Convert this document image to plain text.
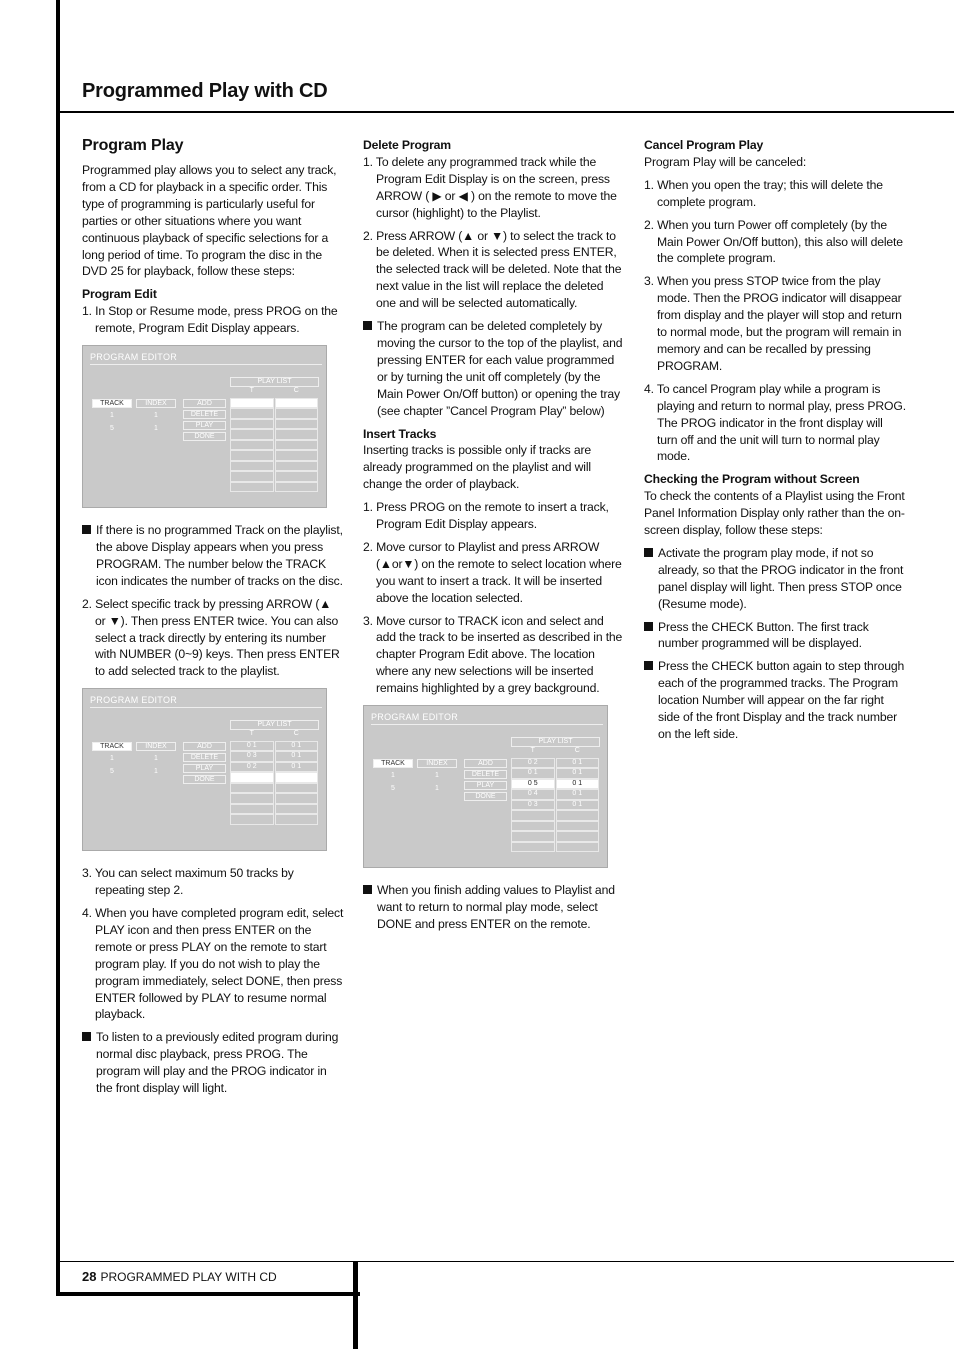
Programmed Play with CD
Program Play
Programmed play allows you to select any track, from a CD for playback in a specific order. This type of programming is particularly useful for parties or other situations where you want continuous playback of specific selections for a long period of time. To program the disc in the DVD 25 for playback, follow these steps:
Program Edit
1. In Stop or Resume mode, press PROG on the remote, Program Edit Display appears.
PROGRAM EDITOR
TRACK	INDEX
1	1
5	1
ADD
DELETE
PLAY
DONE
PLAY LIST
T	C
If there is no programmed Track on the playlist, the above Display appears when you press PROGRAM. The number below the TRACK icon indicates the number of tracks on the disc.
2. Select specific track by pressing ARROW (▲ or ▼). Then press ENTER twice. You can also select a track directly by entering its number with NUMBER (0~9) keys. Then press ENTER to add selected track to the playlist.
PROGRAM EDITOR
TRACK	INDEX
1	1
5	1
ADD
DELETE
PLAY
DONE
PLAY LIST
T	C
0 1	0 1
0 3	0 1
0 2	0 1
3. You can select maximum 50 tracks by repeating step 2.
4. When you have completed program edit, select PLAY icon and then press ENTER on the remote or press PLAY on the remote to start program play. If you do not wish to play the program immediately, select DONE, then press ENTER followed by PLAY to resume normal playback.
To listen to a previously edited program during normal disc playback, press PROG. The program will play and the PROG indicator in the front display will light.
Delete Program
1. To delete any programmed track while the Program Edit Display is on the screen, press ARROW ( ▶ or ◀ ) on the remote to move the cursor (highlight) to the Playlist.
2. Press ARROW (▲ or ▼) to select the track to be deleted. When it is selected press ENTER, the selected track will be deleted. Note that the next value in the list will replace the deleted one and will be selected automatically.
The program can be deleted completely by moving the cursor to the top of the playlist, and pressing ENTER for each value programmed or by turning the unit off completely (by the Main Power On/Off button) or opening the tray (see chapter ”Cancel Program Play” below)
Insert Tracks
Inserting tracks is possible only if tracks are already programmed on the playlist and will change the order of playback.
1. Press PROG on the remote to insert a track, Program Edit Display appears.
2. Move cursor to Playlist and press ARROW (▲or▼) on the remote to select location where you want to insert a track. It will be inserted above the location selected.
3. Move cursor to TRACK icon and select and add the track to be inserted as described in the chapter Program Edit above. The location where any new selections will be inserted remains highlighted by a grey background.
PROGRAM EDITOR
TRACK	INDEX
1	1
5	1
ADD
DELETE
PLAY
DONE
PLAY LIST
T	C
0 2	0 1
0 1	0 1
0 5	0 1
0 4	0 1
0 3	0 1
When you finish adding values to Playlist and want to return to normal play mode, select DONE and press ENTER on the remote.
Cancel Program Play
Program Play will be canceled:
1. When you open the tray; this will delete the complete program.
2. When you turn Power off completely (by the Main Power On/Off button), this also will delete the complete program.
3. When you press STOP twice from the play mode. Then the PROG indicator will disappear from display and the player will stop and return to normal mode, but the program will remain in memory and can be recalled by pressing PROGRAM.
4. To cancel Program play while a program is playing and return to normal play, press PROG. The PROG indicator in the front display will turn off and the unit will turn to normal play mode.
Checking the Program without Screen
To check the contents of a Playlist using the Front Panel Information Display only rather than the on-screen display, follow these steps:
Activate the program play mode, if not so already, so that the PROG indicator in the front panel display will light. Then press STOP once (Resume mode).
Press the CHECK Button. The first track number programmed will be displayed.
Press the CHECK button again to step through each of the programmed tracks. The Program location Number will appear on the far right side of the front Display and the track number on the left side.
28 PROGRAMMED PLAY WITH CD
